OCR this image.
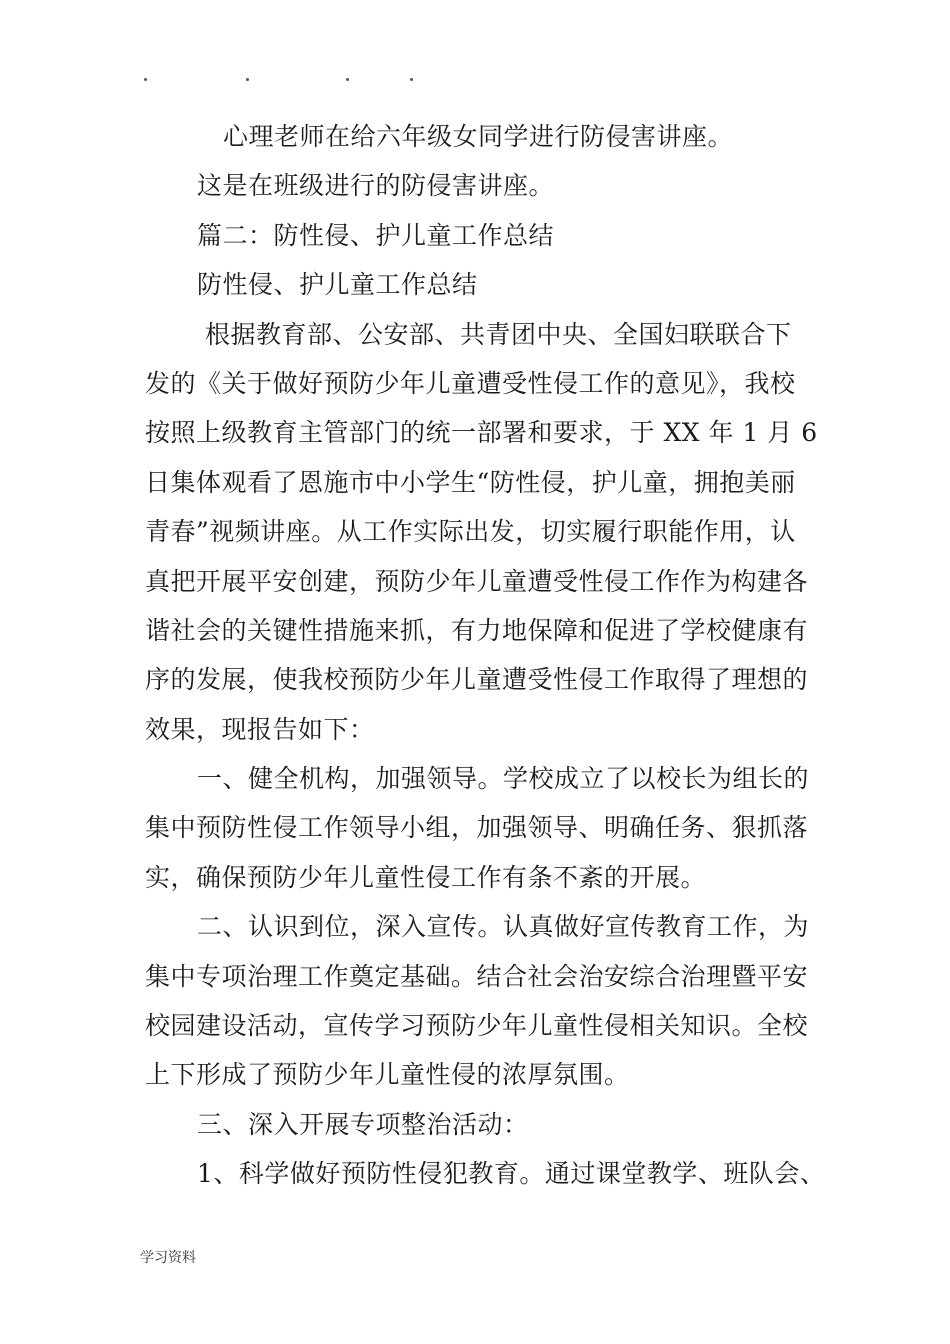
心理老师在给六年级女同学进行防侵害讲座。
这是在班级进行的防侵害讲座。
篇二：防性侵、护儿童工作总结
防性侵、护儿童工作总结
根据教育部、公安部、共青团中央、全国妇联联合下
发的《关于做好预防少年儿童遭受性侵工作的意见》，我校
按照上级教育主管部门的统一部署和要求，于 XX 年 1 月 6
日集体观看了恩施市中小学生“防性侵，护儿童，拥抱美丽
青春”视频讲座。从工作实际出发，切实履行职能作用，认
真把开展平安创建，预防少年儿童遭受性侵工作作为构建各
谐社会的关键性措施来抓，有力地保障和促进了学校健康有
序的发展，使我校预防少年儿童遭受性侵工作取得了理想的
效果，现报告如下：
一、健全机构，加强领导。学校成立了以校长为组长的
集中预防性侵工作领导小组，加强领导、明确任务、狠抓落
实，确保预防少年儿童性侵工作有条不紊的开展。
二、认识到位，深入宣传。认真做好宣传教育工作，为
集中专项治理工作奠定基础。结合社会治安综合治理暨平安
校园建设活动，宣传学习预防少年儿童性侵相关知识。全校
上下形成了预防少年儿童性侵的浓厚氛围。
三、深入开展专项整治活动：
1、科学做好预防性侵犯教育。通过课堂教学、班队会、
学习资料
